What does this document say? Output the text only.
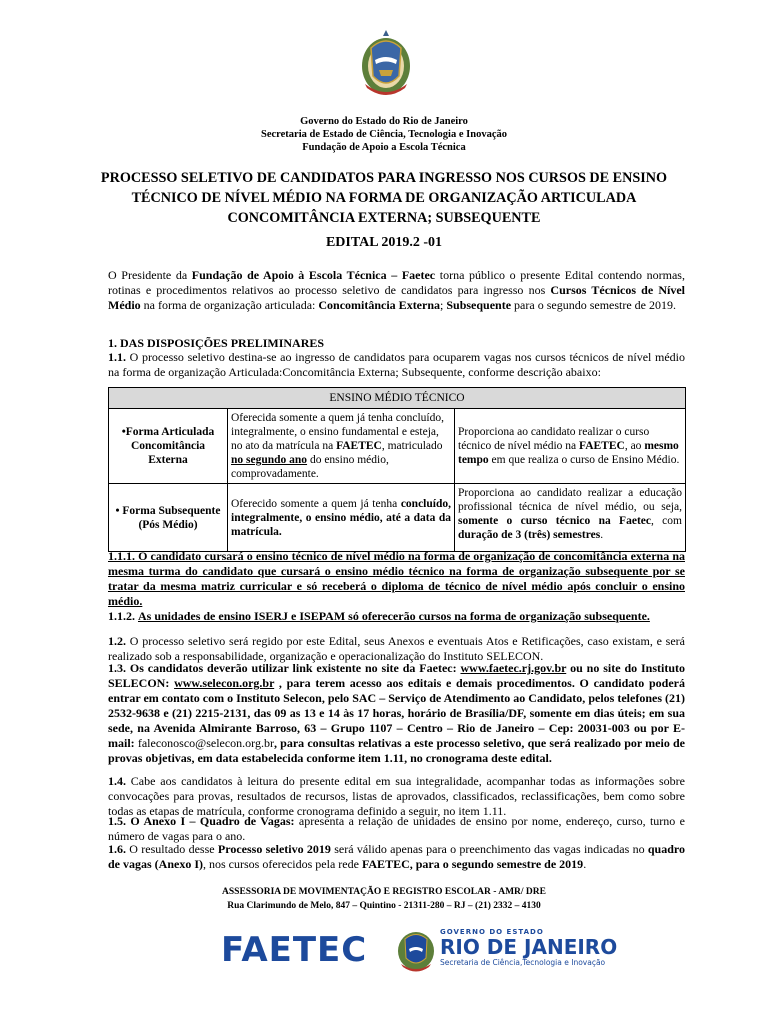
Governo do Estado do Rio de Janeiro
Secretaria de Estado de Ciência, Tecnologia e Inovação
Fundação de Apoio a Escola Técnica
PROCESSO SELETIVO DE CANDIDATOS PARA INGRESSO NOS CURSOS DE ENSINO
TÉCNICO DE NÍVEL MÉDIO NA FORMA DE ORGANIZAÇÃO ARTICULADA
CONCOMITÂNCIA EXTERNA; SUBSEQUENTE
EDITAL 2019.2 -01
O Presidente da Fundação de Apoio à Escola Técnica – Faetec torna público o presente Edital contendo normas, rotinas e procedimentos relativos ao processo seletivo de candidatos para ingresso nos Cursos Técnicos de Nível Médio na forma de organização articulada: Concomitância Externa; Subsequente para o segundo semestre de 2019.
1. DAS DISPOSIÇÕES PRELIMINARES
1.1. O processo seletivo destina-se ao ingresso de candidatos para ocuparem vagas nos cursos técnicos de nível médio na forma de organização Articulada:Concomitância Externa; Subsequente, conforme descrição abaixo:
ENSINO MÉDIO TÉCNICO		
•Forma Articulada Concomitância Externa	Oferecida somente a quem já tenha concluído, integralmente, o ensino fundamental e esteja, no ato da matrícula na FAETEC, matriculado no segundo ano do ensino médio, comprovadamente.	Proporciona ao candidato realizar o curso técnico de nível médio na FAETEC, ao mesmo tempo em que realiza o curso de Ensino Médio.
• Forma Subsequente (Pós Médio)	Oferecido somente a quem já tenha concluído, integralmente, o ensino médio, até a data da matrícula.	Proporciona ao candidato realizar a educação profissional técnica de nível médio, ou seja, somente o curso técnico na Faetec, com duração de 3 (três) semestres.
1.1.1. O candidato cursará o ensino técnico de nível médio na forma de organização de concomitância externa na mesma turma do candidato que cursará o ensino médio técnico na forma de organização subsequente por se tratar da mesma matriz curricular e só receberá o diploma de técnico de nível médio após concluir o ensino médio.
1.1.2. As unidades de ensino ISERJ e ISEPAM só oferecerão cursos na forma de organização subsequente.
1.2. O processo seletivo será regido por este Edital, seus Anexos e eventuais Atos e Retificações, caso existam, e será realizado sob a responsabilidade, organização e operacionalização do Instituto SELECON.
1.3. Os candidatos deverão utilizar link existente no site da Faetec: www.faetec.rj.gov.br ou no site do Instituto SELECON: www.selecon.org.br , para terem acesso aos editais e demais procedimentos. O candidato poderá entrar em contato com o Instituto Selecon, pelo SAC – Serviço de Atendimento ao Candidato, pelos telefones (21) 2532-9638 e (21) 2215-2131, das 09 as 13 e 14 às 17 horas, horário de Brasília/DF, somente em dias úteis; em sua sede, na Avenida Almirante Barroso, 63 – Grupo 1107 – Centro – Rio de Janeiro – Cep: 20031-003 ou por E-mail: faleconosco@selecon.org.br, para consultas relativas a este processo seletivo, que será realizado por meio de provas objetivas, em data estabelecida conforme item 1.11, no cronograma deste edital.
1.4. Cabe aos candidatos à leitura do presente edital em sua integralidade, acompanhar todas as informações sobre convocações para provas, resultados de recursos, listas de aprovados, classificados, reclassificações, bem como sobre todas as etapas de matrícula, conforme cronograma definido a seguir, no item 1.11.
1.5. O Anexo I – Quadro de Vagas: apresenta a relação de unidades de ensino por nome, endereço, curso, turno e número de vagas para o ano.
1.6. O resultado desse Processo seletivo 2019 será válido apenas para o preenchimento das vagas indicadas no quadro de vagas (Anexo I), nos cursos oferecidos pela rede FAETEC, para o segundo semestre de 2019.
ASSESSORIA DE MOVIMENTAÇÃO E REGISTRO ESCOLAR - AMR/ DRE
Rua Clarimundo de Melo, 847 – Quintino - 21311-280 – RJ – (21) 2332 – 4130
FAETEC	GOVERNO DO ESTADO
RIO DE JANEIRO
Secretaria de Ciência,Tecnologia e Inovação
